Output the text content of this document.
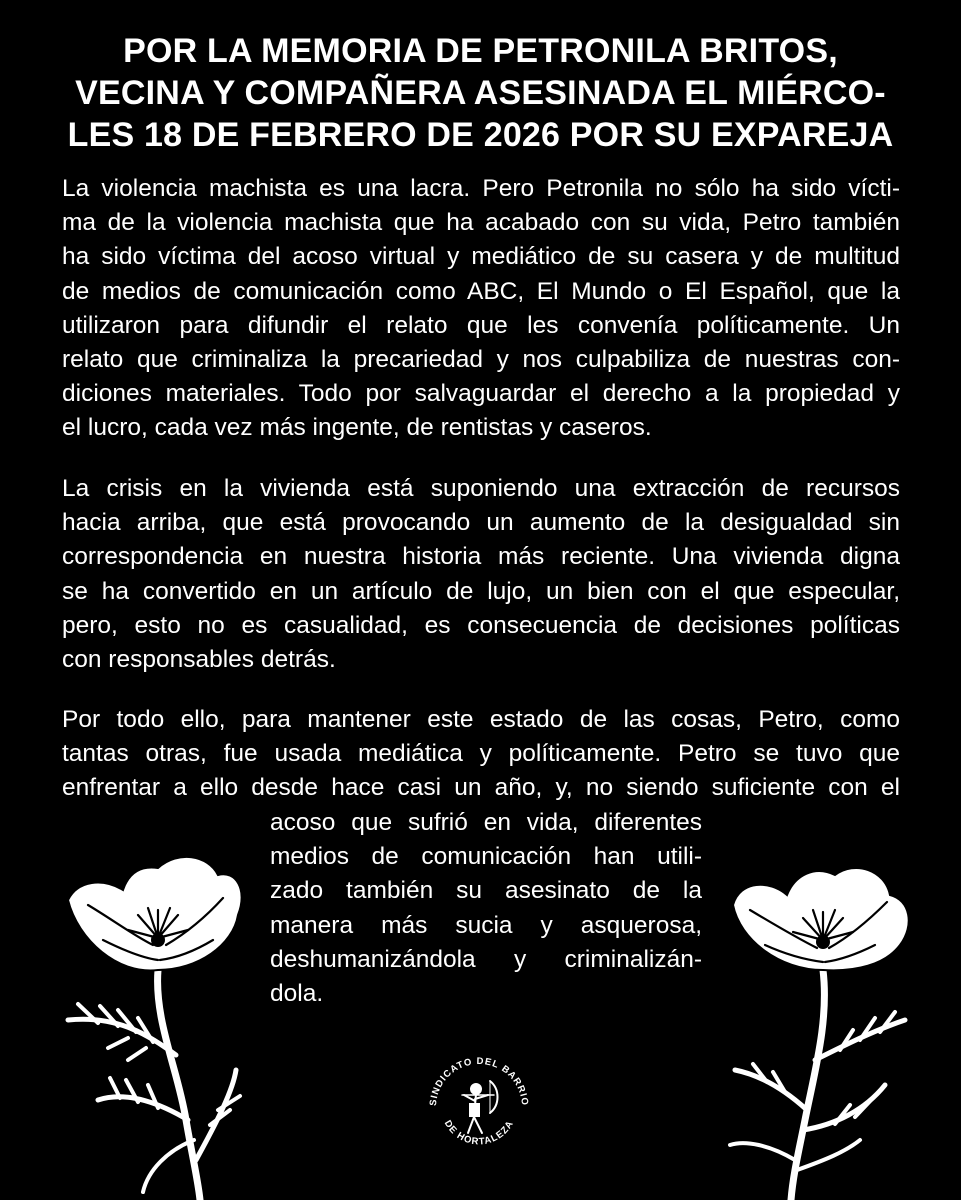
POR LA MEMORIA DE PETRONILA BRITOS,
VECINA Y COMPAÑERA ASESINADA EL MIÉRCO-
LES 18 DE FEBRERO DE 2026 POR SU EXPAREJA
La violencia machista es una lacra. Pero Petronila no sólo ha sido vícti-
ma de la violencia machista que ha acabado con su vida, Petro también
ha sido víctima del acoso virtual y mediático de su casera y de multitud
de medios de comunicación como ABC, El Mundo o El Español, que la
utilizaron para difundir el relato que les convenía políticamente. Un
relato que criminaliza la precariedad y nos culpabiliza de nuestras con-
diciones materiales. Todo por salvaguardar el derecho a la propiedad y
el lucro, cada vez más ingente, de rentistas y caseros.
La crisis en la vivienda está suponiendo una extracción de recursos
hacia arriba, que está provocando un aumento de la desigualdad sin
correspondencia en nuestra historia más reciente. Una vivienda digna
se ha convertido en un artículo de lujo, un bien con el que especular,
pero, esto no es casualidad, es consecuencia de decisiones políticas
con responsables detrás.
Por todo ello, para mantener este estado de las cosas, Petro, como
tantas otras, fue usada mediática y políticamente. Petro se tuvo que
enfrentar a ello desde hace casi un año, y, no siendo suficiente con el
acoso que sufrió en vida, diferentes
medios de comunicación han utili-
zado también su asesinato de la
manera más sucia y asquerosa,
deshumanizándola y criminalizán-
dola.
SINDICATO DEL BARRIO
DE HORTALEZA
